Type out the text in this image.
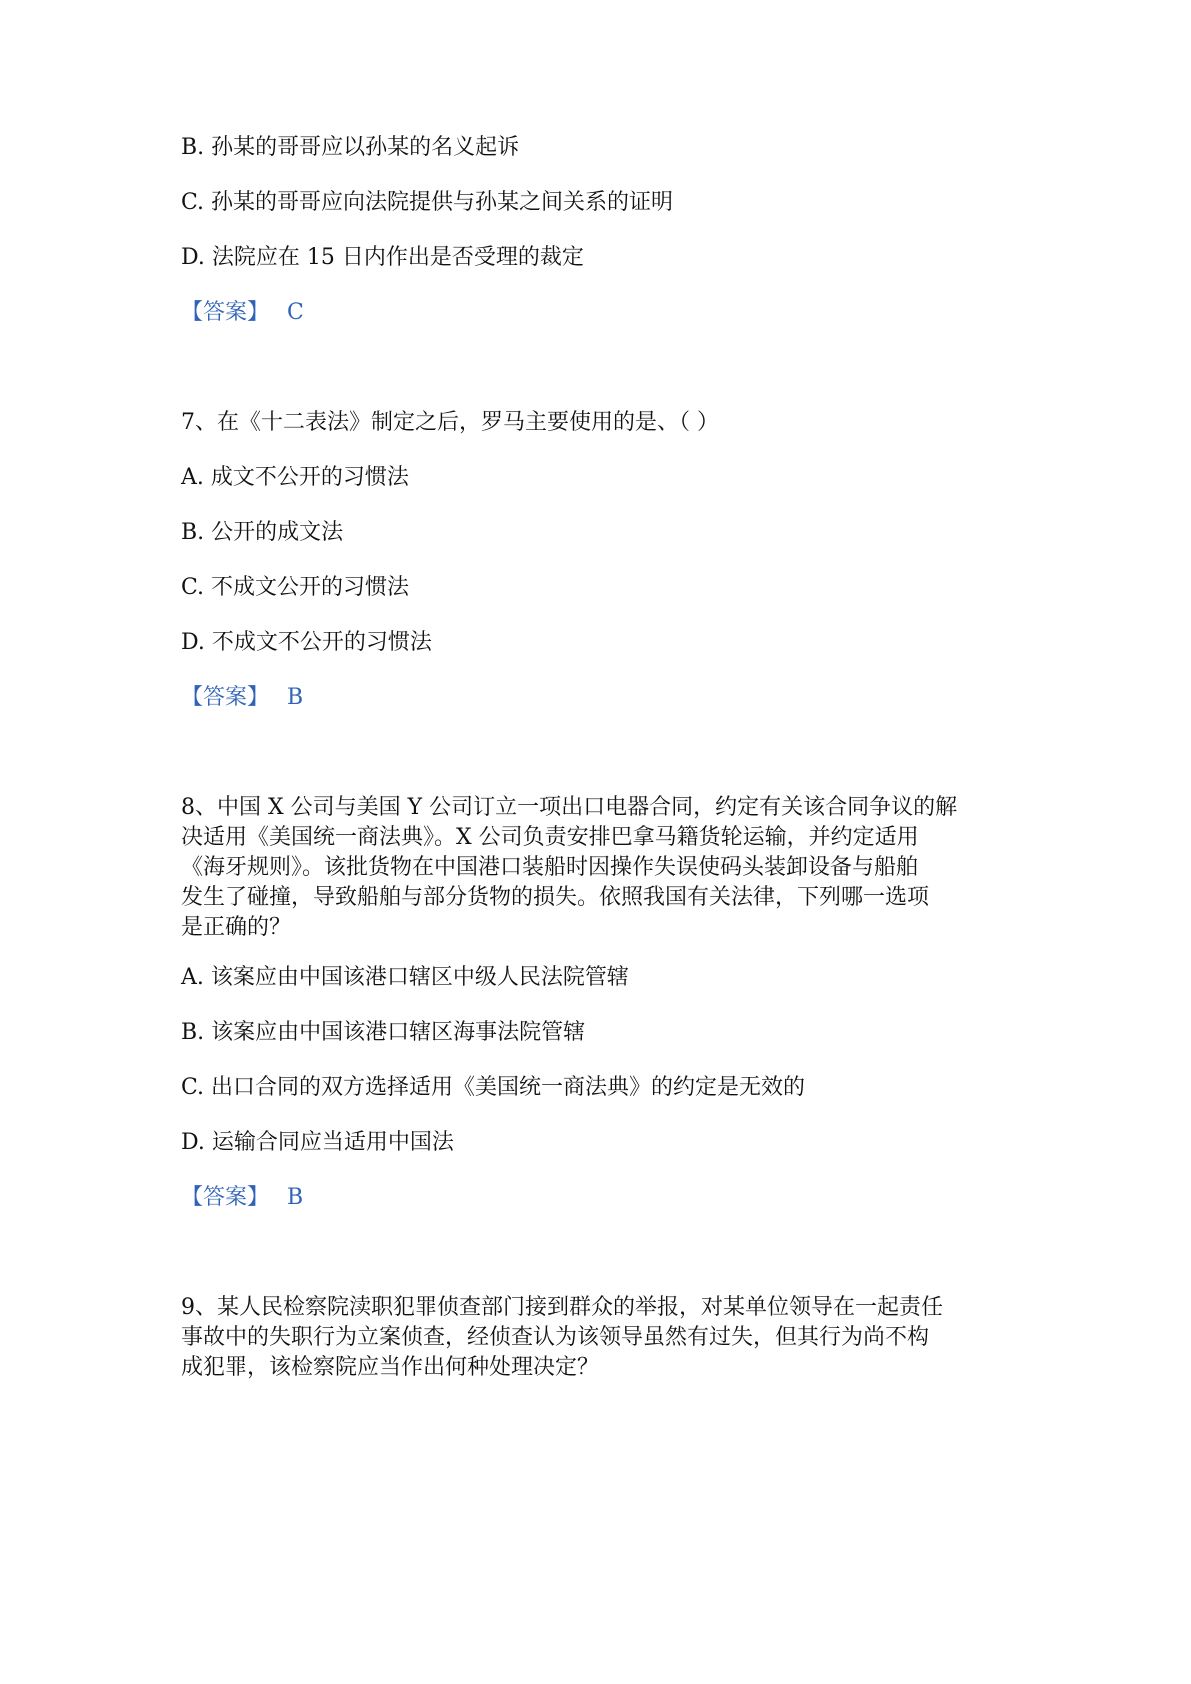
B. 孙某的哥哥应以孙某的名义起诉
C. 孙某的哥哥应向法院提供与孙某之间关系的证明
D. 法院应在 15 日内作出是否受理的裁定
【答案】 C
7、在《十二表法》制定之后，罗马主要使用的是、（ ）
A. 成文不公开的习惯法
B. 公开的成文法
C. 不成文公开的习惯法
D. 不成文不公开的习惯法
【答案】 B
8、中国 X 公司与美国 Y 公司订立一项出口电器合同，约定有关该合同争议的解
决适用《美国统一商法典》。X 公司负责安排巴拿马籍货轮运输，并约定适用
《海牙规则》。该批货物在中国港口装船时因操作失误使码头装卸设备与船舶
发生了碰撞，导致船舶与部分货物的损失。依照我国有关法律，下列哪一选项
是正确的？
A. 该案应由中国该港口辖区中级人民法院管辖
B. 该案应由中国该港口辖区海事法院管辖
C. 出口合同的双方选择适用《美国统一商法典》的约定是无效的
D. 运输合同应当适用中国法
【答案】 B
9、某人民检察院渎职犯罪侦查部门接到群众的举报，对某单位领导在一起责任
事故中的失职行为立案侦查，经侦查认为该领导虽然有过失，但其行为尚不构
成犯罪，该检察院应当作出何种处理决定？
